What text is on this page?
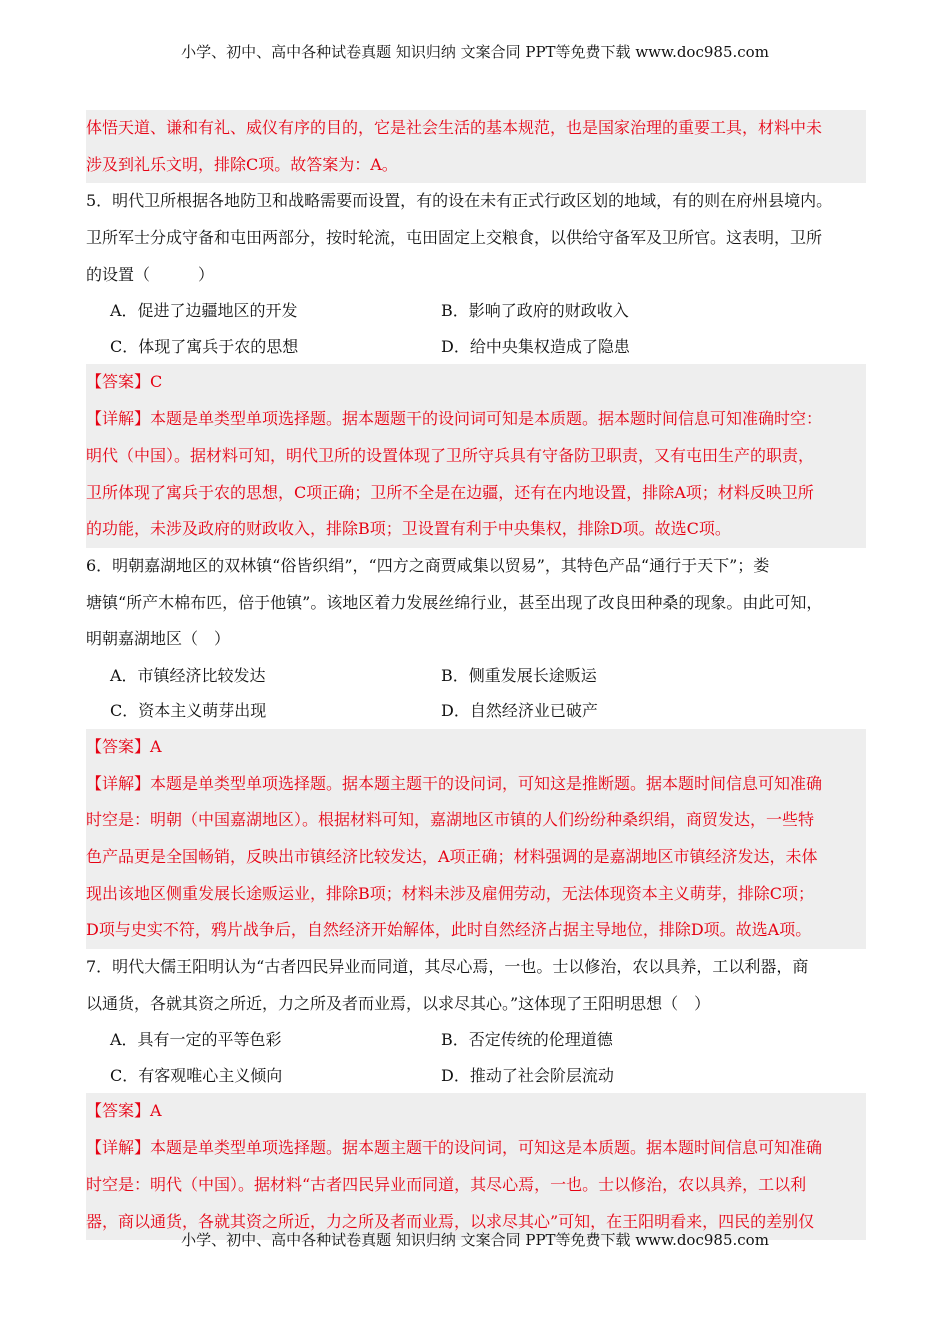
小学、初中、高中各种试卷真题 知识归纳 文案合同 PPT等免费下载 www.doc985.com
体悟天道、谦和有礼、威仪有序的目的，它是社会生活的基本规范，也是国家治理的重要工具，材料中未
涉及到礼乐文明，排除C项。故答案为：A。
5．明代卫所根据各地防卫和战略需要而设置，有的设在未有正式行政区划的地域，有的则在府州县境内。
卫所军士分成守备和屯田两部分，按时轮流，屯田固定上交粮食，以供给守备军及卫所官。这表明，卫所
的设置（　　　）
A．促进了边疆地区的开发	B．影响了政府的财政收入
C．体现了寓兵于农的思想	D．给中央集权造成了隐患
【答案】C
【详解】本题是单类型单项选择题。据本题题干的设问词可知是本质题。据本题时间信息可知准确时空：
明代（中国）。据材料可知，明代卫所的设置体现了卫所守兵具有守备防卫职责，又有屯田生产的职责，
卫所体现了寓兵于农的思想，C项正确；卫所不全是在边疆，还有在内地设置，排除A项；材料反映卫所
的功能，未涉及政府的财政收入，排除B项；卫设置有利于中央集权，排除D项。故选C项。
6．明朝嘉湖地区的双林镇“俗皆织绢”，“四方之商贾咸集以贸易”，其特色产品“通行于天下”；娄
塘镇“所产木棉布匹，倍于他镇”。该地区着力发展丝绵行业，甚至出现了改良田种桑的现象。由此可知，
明朝嘉湖地区（　）
A．市镇经济比较发达	B．侧重发展长途贩运
C．资本主义萌芽出现	D．自然经济业已破产
【答案】A
【详解】本题是单类型单项选择题。据本题主题干的设问词，可知这是推断题。据本题时间信息可知准确
时空是：明朝（中国嘉湖地区）。根据材料可知，嘉湖地区市镇的人们纷纷种桑织绢，商贸发达，一些特
色产品更是全国畅销，反映出市镇经济比较发达，A项正确；材料强调的是嘉湖地区市镇经济发达，未体
现出该地区侧重发展长途贩运业，排除B项；材料未涉及雇佣劳动，无法体现资本主义萌芽，排除C项；
D项与史实不符，鸦片战争后，自然经济开始解体，此时自然经济占据主导地位，排除D项。故选A项。
7．明代大儒王阳明认为“古者四民异业而同道，其尽心焉，一也。士以修治，农以具养，工以利器，商
以通货，各就其资之所近，力之所及者而业焉，以求尽其心。”这体现了王阳明思想（　）
A．具有一定的平等色彩	B．否定传统的伦理道德
C．有客观唯心主义倾向	D．推动了社会阶层流动
【答案】A
【详解】本题是单类型单项选择题。据本题主题干的设问词，可知这是本质题。据本题时间信息可知准确
时空是：明代（中国）。据材料“古者四民异业而同道，其尽心焉，一也。士以修治，农以具养，工以利
器，商以通货，各就其资之所近，力之所及者而业焉，以求尽其心”可知，在王阳明看来，四民的差别仅
小学、初中、高中各种试卷真题 知识归纳 文案合同 PPT等免费下载 www.doc985.com
